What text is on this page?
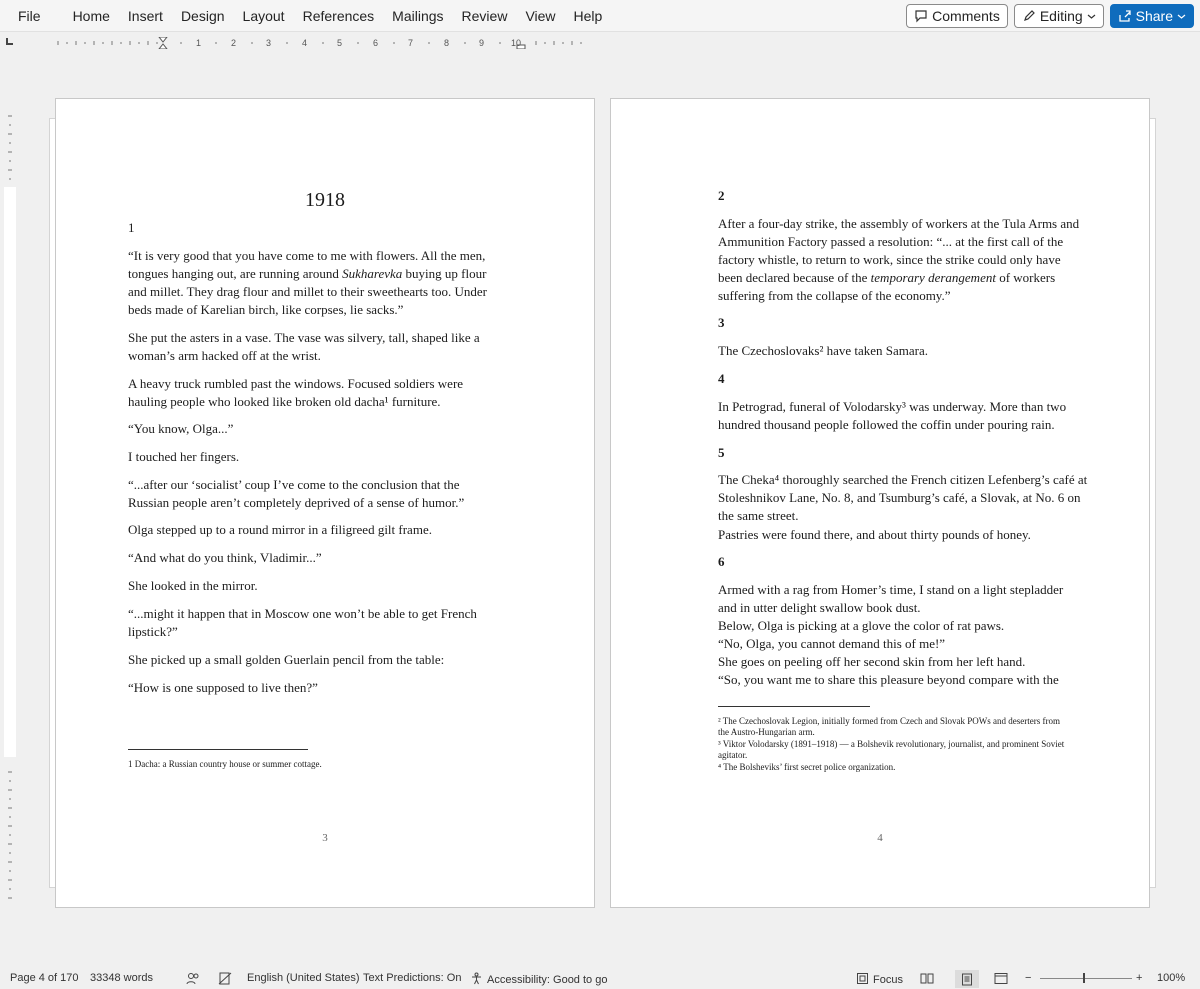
File	Home	Insert	Design	Layout	References	Mailings	Review	View	Help	Comments	Editing	Share
1	2	3	4	5	6	7	8	9	10
1918
1
“It is very good that you have come to me with flowers. All the men, tongues hanging out, are running around Sukharevka buying up flour and millet. They drag flour and millet to their sweethearts too. Under beds made of Karelian birch, like corpses, lie sacks.”
She put the asters in a vase. The vase was silvery, tall, shaped like a woman’s arm hacked off at the wrist.
A heavy truck rumbled past the windows. Focused soldiers were hauling people who looked like broken old dacha¹ furniture.
“You know, Olga...”
I touched her fingers.
“...after our ‘socialist’ coup I’ve come to the conclusion that the Russian people aren’t completely deprived of a sense of humor.”
Olga stepped up to a round mirror in a filigreed gilt frame.
“And what do you think, Vladimir...”
She looked in the mirror.
“...might it happen that in Moscow one won’t be able to get French lipstick?”
She picked up a small golden Guerlain pencil from the table:
“How is one supposed to live then?”
1 Dacha: a Russian country house or summer cottage.
3
2
After a four-day strike, the assembly of workers at the Tula Arms and Ammunition Factory passed a resolution: “... at the first call of the factory whistle, to return to work, since the strike could only have been declared because of the temporary derangement of workers suffering from the collapse of the economy.”
3
The Czechoslovaks² have taken Samara.
4
In Petrograd, funeral of Volodarsky³ was underway. More than two hundred thousand people followed the coffin under pouring rain.
5
The Cheka⁴ thoroughly searched the French citizen Lefenberg’s café at Stoleshnikov Lane, No. 8, and Tsumburg’s café, a Slovak, at No. 6 on the same street.
Pastries were found there, and about thirty pounds of honey.
6
Armed with a rag from Homer’s time, I stand on a light stepladder and in utter delight swallow book dust.
Below, Olga is picking at a glove the color of rat paws.
“No, Olga, you cannot demand this of me!”
She goes on peeling off her second skin from her left hand.
“So, you want me to share this pleasure beyond compare with the
² The Czechoslovak Legion, initially formed from Czech and Slovak POWs and deserters from the Austro-Hungarian arm.
³ Viktor Volodarsky (1891–1918) — a Bolshevik revolutionary, journalist, and prominent Soviet agitator.
⁴ The Bolsheviks’ first secret police organization.
4
Page 4 of 170 33348 words	English (United States) Text Predictions: On Accessibility: Good to go	Focus	−	+ 100%
